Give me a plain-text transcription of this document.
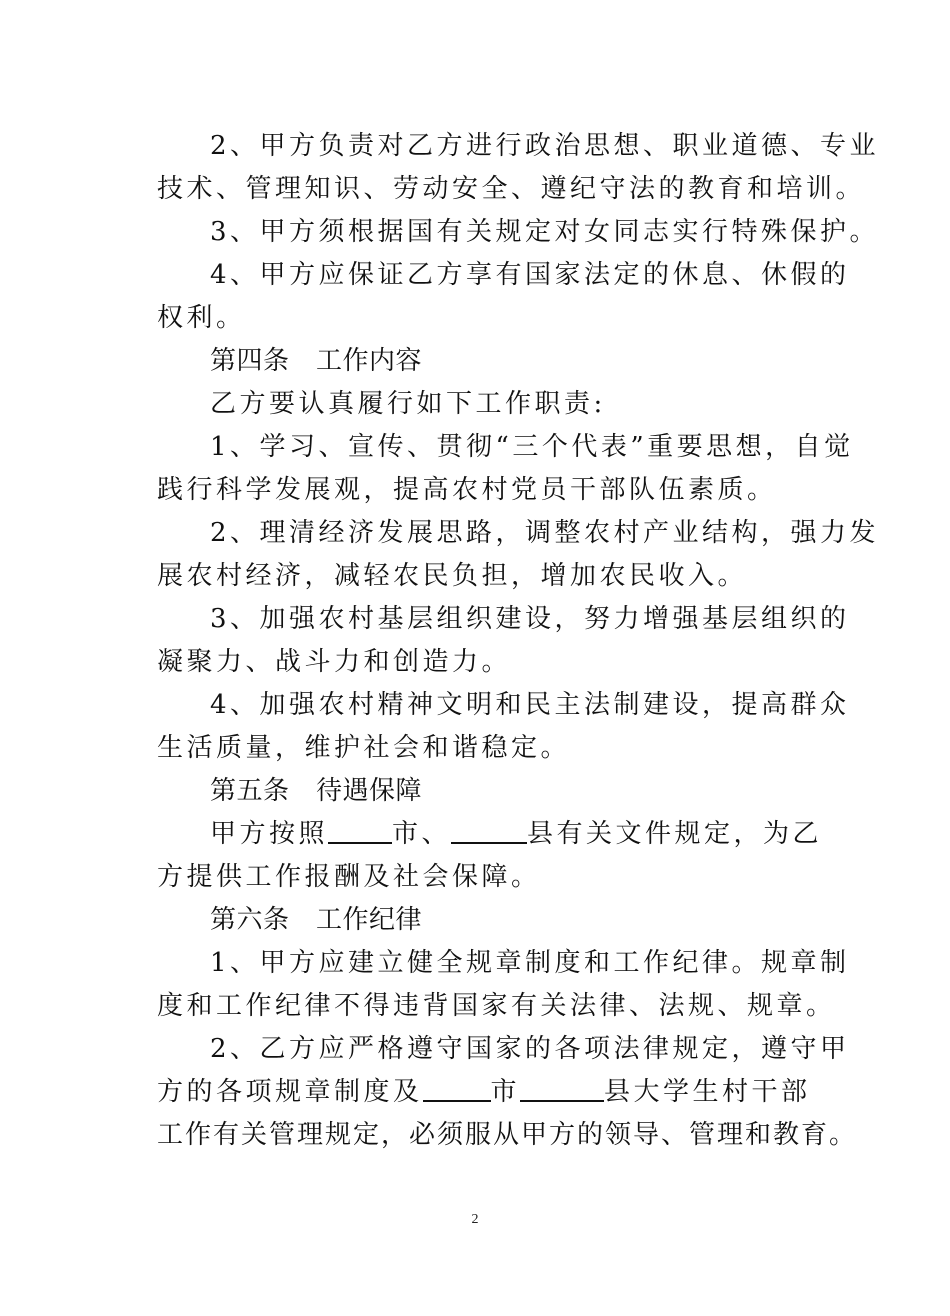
2、甲方负责对乙方进行政治思想、职业道德、专业
技术、管理知识、劳动安全、遵纪守法的教育和培训。
3、甲方须根据国有关规定对女同志实行特殊保护。
4、甲方应保证乙方享有国家法定的休息、休假的
权利。
第四条　工作内容
乙方要认真履行如下工作职责:
1、学习、宣传、贯彻“三个代表”重要思想，自觉
践行科学发展观，提高农村党员干部队伍素质。
2、理清经济发展思路，调整农村产业结构，强力发
展农村经济，减轻农民负担，增加农民收入。
3、加强农村基层组织建设，努力增强基层组织的
凝聚力、战斗力和创造力。
4、加强农村精神文明和民主法制建设，提高群众
生活质量，维护社会和谐稳定。
第五条　待遇保障
甲方按照 市、	县有关文件规定，为乙
方提供工作报酬及社会保障。
第六条　工作纪律
1、甲方应建立健全规章制度和工作纪律。规章制
度和工作纪律不得违背国家有关法律、法规、规章。
2、乙方应严格遵守国家的各项法律规定，遵守甲
方的各项规章制度及	市	县大学生村干部
工作有关管理规定，必须服从甲方的领导、管理和教育。
2
